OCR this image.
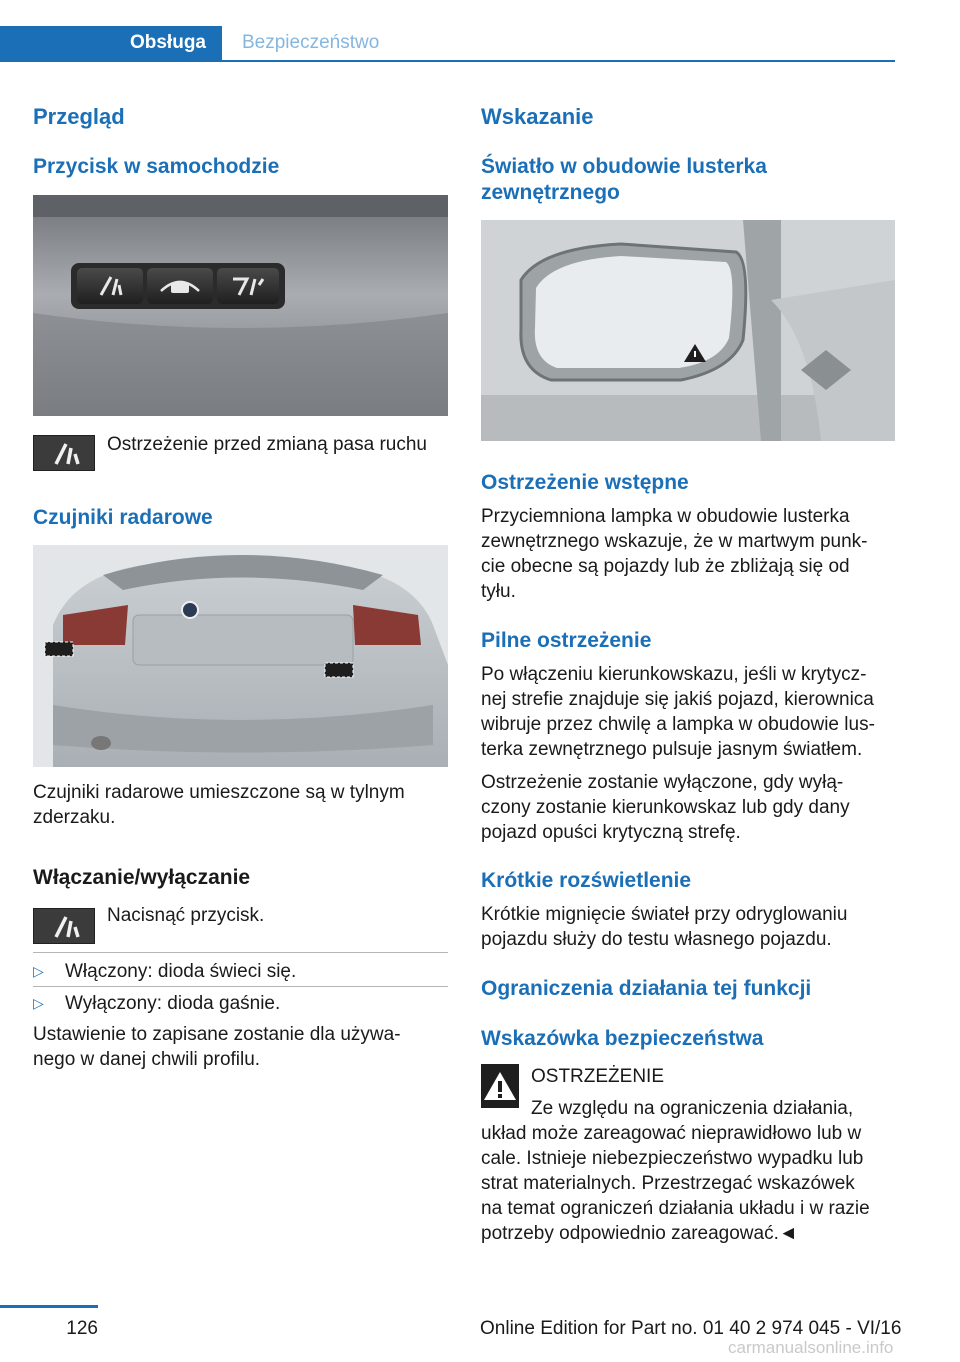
Obsługa	Bezpieczeństwo
Przegląd
Przycisk w samochodzie

Ostrzeżenie przed zmianą pasa ruchu

Czujniki radarowe

Czujniki radarowe umieszczone są w tylnym

zderzaku.

Włączanie/wyłączanie

Nacisnąć przycisk.

▷ Włączony: dioda świeci się.
▷ Wyłączony: dioda gaśnie.

Ustawienie to zapisane zostanie dla używa‐

nego w danej chwili profilu.

Wskazanie
Światło w obudowie lusterka
zewnętrznego
Ostrzeżenie wstępne

Przyciemniona lampka w obudowie lusterka

zewnętrznego wskazuje, że w martwym punk‐

cie obecne są pojazdy lub że zbliżają się od

tyłu.

Pilne ostrzeżenie

Po włączeniu kierunkowskazu, jeśli w krytycz‐

nej strefie znajduje się jakiś pojazd, kierownica

wibruje przez chwilę a lampka w obudowie lus‐

terka zewnętrznego pulsuje jasnym światłem.

Ostrzeżenie zostanie wyłączone, gdy wyłą‐

czony zostanie kierunkowskaz lub gdy dany

pojazd opuści krytyczną strefę.

Krótkie rozświetlenie

Krótkie mignięcie świateł przy odryglowaniu

pojazdu służy do testu własnego pojazdu.

Ograniczenia działania tej funkcji
Wskazówka bezpieczeństwa

OSTRZEŻENIE

Ze względu na ograniczenia działania,

układ może zareagować nieprawidłowo lub w

cale. Istnieje niebezpieczeństwo wypadku lub

strat materialnych. Przestrzegać wskazówek

na temat ograniczeń działania układu i w razie

potrzeby odpowiednio zareagować.◄

126	Online Edition for Part no. 01 40 2 974 045 - VI/16
carmanualsonline.info
